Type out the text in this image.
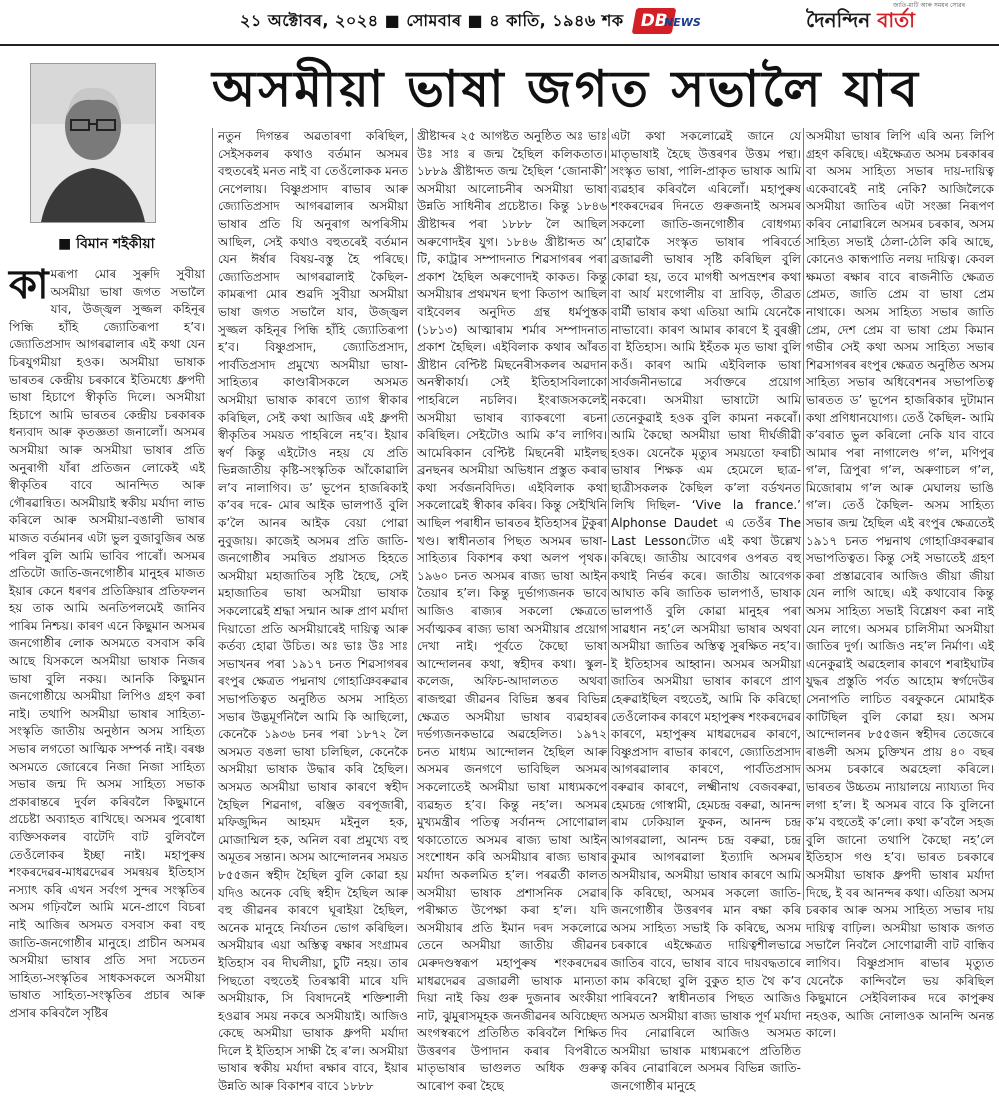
২১ অক্টোবৰ, ২০২৪ ■ সোমবাৰ ■ ৪ কাতি, ১৯৪৬ শক DB
NEWS
জাতি-মাটি আৰু সময়ৰ সোৱৰ
দৈনন্দিন বাৰ্তা
■ বিমান শইকীয়া
অসমীয়া ভাষা জগত সভালৈ যাব
কা মৰূপা মোৰ সুৰুদি সুবীয়া অসমীয়া ভাষা জগত সভালৈ যাব, উজ্জ্বল সুজ্জল কহিনূৰ পিন্ধি হাঁহি জ্যোতিৰূপা হ’ব। জ্যোতিপ্ৰসাদ আগৰৱালাৰ এই কথা যেন চিৰযুগমীয়া হওক। অসমীয়া ভাষাক ভাৰতৰ কেন্দ্ৰীয় চৰকাৰে ইতিমধ্যে ধ্ৰুপদী ভাষা হিচাপে স্বীকৃতি দিলে। অসমীয়া হিচাপে আমি ভাৰতৰ কেন্দ্ৰীয় চৰকাৰক ধন্যবাদ আৰু কৃতজ্ঞতা জনালোঁ। অসমৰ অসমীয়া আৰু অসমীয়া ভাষাৰ প্ৰতি অনুৰাগী যাঁৰা প্ৰতিজন লোকেই এই স্বীকৃতিৰ বাবে আনন্দিত আৰু গৌৰৱান্বিত। অসমীয়াই স্বকীয় মৰ্যাদা লাভ কৰিলে আৰু অসমীয়া-বঙালী ভাষাৰ মাজত বৰ্তমানৰ এটা ভুল বুজাবুজিৰ অন্ত পৰিল বুলি আমি ভাবিব পাৰোঁ। অসমৰ প্ৰতিটো জাতি-জনগোষ্ঠীৰ মানুহৰ মাজত ইয়াৰ কেনে ধৰণৰ প্ৰতিক্ৰিয়াৰ প্ৰতিফলন হয় তাক আমি অনতিপলমেই জানিব পাৰিম নিশ্চয়। কাৰণ এনে কিছুমান অসমৰ জনগোষ্ঠীৰ লোক অসমতে বসবাস কৰি আছে যিসকলে অসমীয়া ভাষাক নিজৰ ভাষা বুলি নকয়। আনকি কিছুমান জনগোষ্ঠীয়ে অসমীয়া লিপিও গ্ৰহণ কৰা নাই। তথাপি অসমীয়া ভাষাৰ সাহিত্য-সংস্কৃতি জাতীয় অনুষ্ঠান অসম সাহিত্য সভাৰ লগতো আত্মিক সম্পৰ্ক নাই। বৰঞ্চ অসমতে জোৰেৰে নিজা নিজা সাহিত্য সভাৰ জন্ম দি অসম সাহিত্য সভাক প্ৰকাৰান্তৰে দুৰ্বল কৰিবলৈ কিছুমানে প্ৰচেষ্টা অব্যাহত ৰাখিছে। অসমৰ পুৰোধা ব্যক্তিসকলৰ বাটেদি বাট বুলিবলৈ তেওঁলোকৰ ইচ্ছা নাই। মহাপুৰুষ শংকৰদেৱৰ-মাধৱদেৱৰ সমন্বয়ৰ ইতিহাস নস্যাৎ কৰি এখন সৰ্বংগ সুন্দৰ সংস্কৃতিৰ অসম গঢ়িবলৈ আমি মনে-প্ৰাণে বিচৰা নাই আজিৰ অসমত বসবাস কৰা বহু জাতি-জনগোষ্ঠীৰ মানুহে। প্ৰাচীন অসমৰ অসমীয়া ভাষাৰ প্ৰতি সদা সচেতন সাহিত্য-সংস্কৃতিৰ সাধকসকলে অসমীয়া ভাষাত সাহিত্য-সংস্কৃতিৰ প্ৰচাৰ আৰু প্ৰসাৰ কৰিবলৈ সৃষ্টিৰ

নতুন দিগন্তৰ অৱতাৰণা কৰিছিল, সেইসকলৰ কথাও বৰ্তমান অসমৰ বহুতৰেই মনত নাই বা তেওঁলোকক মনত নেপেলায়। বিষ্ণুপ্ৰসাদ ৰাভাৰ আৰু জ্যোতিপ্ৰসাদ আগৰৱালাৰ অসমীয়া ভাষাৰ প্ৰতি যি অনুৰাগ অপৰিসীম আছিল, সেই কথাও বহুতৰেই বৰ্তমান যেন ঈৰ্ষাৰ বিষয়-বস্তু হৈ পৰিছে। জ্যোতিপ্ৰসাদ আগৰৱালাই কৈছিল- কামৰূপা মোৰ শুৱদি সুবীয়া অসমীয়া ভাষা জগত সভালৈ যাব, উজ্জ্বল সুজ্জল কহিনূৰ পিন্ধি হাঁহি জ্যোতিৰূপা হ’ব। বিষ্ণুপ্ৰসাদ, জ্যোতিপ্ৰসাদ, পাৰ্বতিপ্ৰসাদ প্ৰমুখ্যে অসমীয়া ভাষা-সাহিত্যৰ কাণ্ডাৰীসকলে অসমত অসমীয়া ভাষাক কাৰণে ত্যাগ স্বীকাৰ কৰিছিল, সেই কথা আজিৰ এই ধ্ৰুপদী স্বীকৃতিৰ সময়ত পাহৰিলে নহ’ব। ইয়াৰ স্বৰ্ণ কিন্তু এইটোও নহয় যে প্ৰতি ভিন্নজাতীয় কৃষ্টি-সংস্কৃতিক আঁকোৱালি ল’ব নালাগিব। ড’ ভূপেন হাজৰিকাই ক’বৰ দৰে- মোৰ আইক ভালপাওঁ বুলি ক’লৈ আনৰ আইক বেয়া পোৱা নুবুজায়। কাজেই অসমৰ প্ৰতি জাতি-জনগোষ্ঠীৰ সমন্বিত প্ৰয়াসত হিহতে অসমীয়া মহাজাতিৰ সৃষ্টি হৈছে, সেই মহাজাতিৰ ভাষা অসমীয়া ভাষাক সকলোৱেই শ্ৰদ্ধা সন্মান আৰু প্ৰাণ মৰ্যাদা দিয়াতো প্ৰতি অসমীয়াৰেই দায়িত্ব আৰু কৰ্তব্য হোৱা উচিত। অঃ ভাঃ উঃ সাঃ সভাখনৰ পৰা ১৯১৭ চনত শিৱসাগৰৰ ৰংপুৰ ক্ষেত্ৰত পদ্মনাথ গোহাঞিবৰুৱাৰ সভাপতিত্বত অনুষ্ঠিত অসম সাহিত্য সভাৰ উদ্ভমূৰ্ণনিলৈ আমি কি আছিলো, কেনেকৈ ১৯৩৬ চনৰ পৰা ১৮৭২ লৈ অসমত বঙলা ভাষা চলিছিল, কেনেকৈ অসমীয়া ভাষাক উদ্ধাৰ কৰি হৈছিল। অসমত অসমীয়া ভাষাৰ কাৰণে স্বহীদ হৈছিল শিৱনাগ, ৰঞ্জিত বৰপূজাৰী, মফিজুদ্দিন আহমদ মইনুল হক, মোজাম্মিল হক, অনিল বৰা প্ৰমুখ্যে বহু অমূতৰ সন্তান। অসম আন্দোলনৰ সময়ত ৮৫৫জন স্বহীদ হৈছিল বুলি কোৱা হয় যদিও অনেক বেছি স্বহীদ হৈছিল আৰু বহু জীৱনৰ কাৰণে ঘূৰাইয়া হৈছিল, অনেক মানুহে নিৰ্যাতন ভোগ কৰিছিল। অসমীয়াৰ এয়া অস্তিত্ব ৰক্ষাৰ সংগ্ৰামৰ ইতিহাস বৰ দীঘলীয়া, চুটি নহয়। তাৰ পিছতো বহুতেই তিৰস্কাৰী মাৰে যদি অসমীয়াক, সি বিষাদনেই শক্তিশালী হওৱাৰ সময় নকৰে অসমীয়াই। আজিও কেছে অসমীয়া ভাষাক ধ্ৰুপদী মৰ্যাদা দিলে ই ইতিহাস সাক্ষী হৈ ৰ’ল। অসমীয়া ভাষাৰ স্বকীয় মৰ্যাদা ৰক্ষাৰ বাবে, ইয়াৰ উন্নতি আৰু বিকাশৰ বাবে ১৮৮৮

খ্ৰীষ্টাব্দৰ ২৫ আগষ্টত অনুষ্ঠিত অঃ ভাঃ উঃ সাঃ ৰ জন্ম হৈছিল কলিকতাত। ১৮৮৯ খ্ৰীষ্টাব্দত জন্ম হৈছিল ‘জোনাকী’ অসমীয়া আলোচনীৰ অসমীয়া ভাষা উন্নতি সাধিনীৰ প্ৰচেষ্টাত। কিন্তু ১৮৪৬ খ্ৰীষ্টাব্দৰ পৰা ১৮৮৮ লৈ আছিল অৰুণোদইৰ যুগ। ১৮৪৬ খ্ৰীষ্টাব্দত অ’ টি, কাট্ৰাৰ সম্পাদনাত শিৱসাগৰৰ পৰা প্ৰকাশ হৈছিল অৰুণোদই কাকত। কিন্তু অসমীয়াৰ প্ৰথমখন ছপা কিতাপ আছিল বাইবেলৰ অনুদিত গ্ৰন্থ ধৰ্মপুস্তক (১৮১৩) আত্মাৰাম শৰ্মাৰ সম্পাদনাত প্ৰকাশ হৈছিল। এইবিলাক কথাৰ আঁৰত খ্ৰীষ্টান বেপ্টিষ্ট মিছনেৰীসকলৰ অৱদান অনস্বীকাৰ্য। সেই ইতিহাসবিলাকো পাহৰিলে নচলিব। ইংৰাজসকলেই অসমীয়া ভাষাৰ ব্যাকৰণো ৰচনা কৰিছিল। সেইটোও আমি ক’ব লাগিব। আমেৰিকান বেপ্টিষ্ট মিছনেৰী মাইলছ ব্ৰনছনৰ অসমীয়া অভিধান প্ৰস্তুত কৰাৰ কথা সৰ্বজনবিদিত। এইবিলাক কথা সকলোৱেই স্বীকাৰ কৰিব। কিন্তু সেইখিনি আছিল পৰাধীন ভাৰতৰ ইতিহাসৰ টুকুৰা খণ্ড। স্বাধীনতাৰ পিছত অসমৰ ভাষা-সাহিত্যৰ বিকাশৰ কথা অলপ পৃথক। ১৯৬০ চনত অসমৰ ৰাজ্য ভাষা আইন তৈয়াৰ হ’ল। কিন্তু দুৰ্ভাগ্যজনক ভাবে আজিও ৰাজ্যৰ সকলো ক্ষেত্ৰতে সৰ্বাত্মকৰ ৰাজ্য ভাষা অসমীয়াৰ প্ৰয়োগ দেখা নাই। পূৰ্বতে কৈছো ভাষা আন্দোলনৰ কথা, স্বহীদৰ কথা। স্কুল-কলেজ, অফিচ-আদালতত অথবা ৰাজহুৱা জীৱনৰ বিভিন্ন স্তৰৰ বিভিন্ন ক্ষেত্ৰত অসমীয়া ভাষাৰ ব্যৱহাৰৰ দৰ্ভগ্যজনকভাৱে অৱহেলিত। ১৯৭২ চনত মাধ্যম আন্দোলন হৈছিল আৰু অসমৰ জনগণে ভাবিছিল অসমৰ সকলোতেই অসমীয়া ভাষা মাধ্যমকপে ব্যৱহৃত হ’ব। কিন্তু নহ’ল। অসমৰ মুখ্যমন্ত্ৰীৰ পতিত্ব সৰ্বানন্দ সোণোৱাল থকাতোতে অসমৰ ৰাজ্য ভাষা আইন সংশোধন কৰি অসমীয়াৰ ৰাজ্য ভাষাৰ মৰ্যাদা অকলমিত হ’ল। পৰৱৰ্তী কালত অসমীয়া ভাষাক প্ৰশাসনিক সেৱাৰ পৰীক্ষাত উপেক্ষা কৰা হ’ল। যদি অসমীয়াৰ প্ৰতি ইমান দৰদ সকলোৱে তেনে অসমীয়া জাতীয় জীৱনৰ মেৰুদণ্ডস্বৰূপ মহাপুৰুষ শংকৰদেৱৰ মাধৱদেৱৰ ব্ৰজাৱলী ভাষাক মান্যতা দিয়া নাই কিয় গুৰু দুজনাৰ অংকীয়া নাট, ঝুমুৰাসমূহক জনজীৱনৰ অবিচ্ছেদ্য অংগস্বৰূপে প্ৰতিষ্ঠিত কৰিবলৈ শিক্ষিত উত্তৰণৰ উপাদান কৰাৰ বিপৰীতে মাতৃভাষাৰ ভাগুলত অধিক গুৰুত্ব আৰোপ কৰা হৈছে

এটা কথা সকলোৱেই জানে যে মাতৃভাষাই হৈছে উত্তৰণৰ উত্তম পন্থা। সংস্কৃত ভাষা, পালি-প্ৰাকৃত ভাষাক আমি ব্যৱহাৰ কৰিবলৈ এৰিলোঁ। মহাপুৰুষ শংকৰদেৱৰ দিনতে গুৰুজনাই অসমৰ সকলো জাতি-জনগোষ্ঠীৰ বোধগম্য হোৱাকৈ সংস্কৃত ভাষাৰ পৰিবৰ্তে ব্ৰজাৱলী ভাষাৰ সৃষ্টি কৰিছিল বুলি কোৱা হয়, তবে মাগধী অপভ্ৰংশৰ কথা বা আৰ্য মংগোলীয় বা দ্ৰাবিড়, তীব্ৰত বাৰ্মী ভাষাৰ কথা এতিয়া আমি যেনেকৈ নাভাবো। কাৰণ আমাৰ কাৰণে ই বুৰঞ্জী বা ইতিহাস। আমি ইহঁতক মৃত ভাষা বুলি কওঁ। কাৰণ আমি এইবিলাক ভাষা সাৰ্বজনীনভাৱে সৰ্বাক্তৰে প্ৰয়োগ নকৰো। অসমীয়া ভাষাটো আমি তেনেকুৱাই হওক বুলি কামনা নকৰোঁ। আমি কৈছো অসমীয়া ভাষা দীৰ্ঘজীৱী হওক। যেনেকৈ মৃত্যুৰ সময়তো ফৰাচী ভাষাৰ শিক্ষক এম হেমেলে ছাত্ৰ-ছাত্ৰীসকলক কৈছিল ক’লা বৰ্ডখনত লিখি দিছিল- ‘Vive la france.’ Alphonse Daudet এ তেওঁৰ The Last Lessonটোত এই কথা উল্লেখ কৰিছে। জাতীয় আবেগৰ ওপৰত বহু কথাই নিৰ্ভৰ কৰে। জাতীয় আবেগক আঘাত কৰি জাতিক ভালপাওঁ, ভাষাক ভালপাওঁ বুলি কোৱা মানুহৰ পৰা সাৱধান নহ’লে অসমীয়া ভাষাৰ অথবা অসমীয়া জাতিৰ অস্তিত্ব সুৰক্ষিত নহ’ব। ই ইতিহাসৰ আহ্বান। অসমৰ অসমীয়া জাতিৰ অসমীয়া ভাষাৰ কাৰণে প্ৰাণ হেৰুৱাইছিল বহুতেই, আমি কি কৰিছো তেওঁলোকৰ কাৰণে মহাপুৰুষ শংকৰদেৱৰ কাৰণে, মহাপুৰুষ মাধৱদেৱৰ কাৰণে, বিষ্ণুপ্ৰসাদ ৰাভাৰ কাৰণে, জ্যোতিপ্ৰসাদ আগৰৱালাৰ কাৰণে, পাৰ্বতিপ্ৰসাদ বৰুৱাৰ কাৰণে, লক্ষ্মীনাথ বেজবৰুৱা, হেমচন্দ্ৰ গোস্বামী, হেমচন্দ্ৰ বৰুৱা, আনন্দ ৰাম ঢেকিয়াল ফুকন, আনন্দ চন্দ্ৰ আগৰৱালা, আনন্দ চন্দ্ৰ বৰুৱা, চন্দ্ৰ কুমাৰ আগৰৱালা ইত্যাদি অসমৰ অসমীয়াৰ, অসমীয়া ভাষাৰ কাৰণে আমি কি কৰিছো, অসমৰ সকলো জাতি-জনগোষ্ঠীৰ উত্তৰণৰ মান ৰক্ষা কৰি অসম সাহিত্য সভাই কি কৰিছে, অসম চৰকাৰে এইক্ষেত্ৰত দায়িত্বশীলভাৱে জাতিৰ বাবে, ভাষাৰ বাবে দায়বদ্ধতাৰে কাম কৰিছো বুলি বুকুত হাত থৈ ক’ব পাৰিবনে? স্বাধীনতাৰ পিছত আজিও অসমত অসমীয়া ৰাজ্য ভাষাক পূৰ্ণ মৰ্যাদা দিব নোৱাৰিলে আজিও অসমত অসমীয়া ভাষাক মাধ্যমৰূপে প্ৰতিষ্ঠিত কৰিব নোৱাৰিলে অসমৰ বিভিন্ন জাতি-জনগোষ্ঠীৰ মানুহে

অসমীয়া ভাষাৰ লিপি এৰি অন্য লিপি গ্ৰহণ কৰিছে। এইক্ষেত্ৰত অসম চৰকাৰৰ বা অসম সাহিত্য সভাৰ দায়-দায়িত্ব একেবাৰেই নাই নেকি? আজিলৈকে অসমীয়া জাতিৰ এটা সংজ্ঞা নিৰূপণ কৰিব নোৱাৰিলে অসমৰ চৰকাৰ, অসম সাহিত্য সভাই ঠেলা-ঠেলি কৰি আছে, কোনেও কান্ধপাতি নলয় দায়িত্ব। কেবল ক্ষমতা ৰক্ষাৰ বাবে ৰাজনীতি ক্ষেত্ৰত প্ৰেমত, জাতি প্ৰেম বা ভাষা প্ৰেম নাথাকে। অসম সাহিত্য সভাৰ জাতি প্ৰেম, দেশ প্ৰেম বা ভাষা প্ৰেম কিমান গভীৰ সেই কথা অসম সাহিত্য সভাৰ শিৱসাগৰৰ ৰংপুৰ ক্ষেত্ৰত অনুষ্ঠিত অসম সাহিত্য সভাৰ অধিবেশনৰ সভাপতিত্ব ভাৰতত ড’ ভূপেন হাজৰিকাৰ দুটামান কথা প্ৰণিধানযোগ্য। তেওঁ কৈছিল- আমি ক’বৰাত ভুল কৰিলো নেকি যাব বাবে আমাৰ পৰা নাগালেণ্ড গ’ল, মণিপুৰ গ’ল, ত্ৰিপুৰা গ’ল, অৰুণাচল গ’ল, মিজোৰাম গ’ল আৰু মেঘালয় ভাঙি গ’ল। তেওঁ কৈছিল- অসম সাহিত্য সভাৰ জন্ম হৈছিল এই ৰংপুৰ ক্ষেত্ৰতেই ১৯১৭ চনত পদ্মনাথ গোহাঞিবৰুৱাৰ সভাপতিত্বত। কিন্তু সেই সভাতেই গ্ৰহণ কৰা প্ৰস্তাৱবোৰ আজিও জীয়া জীয়া যেন লাগি আছে। এই কথাবোৰ কিন্তু অসম সাহিত্য সভাই বিশ্লেষণ কৰা নাই যেন লাগে। অসমৰ চালিসীমা অসমীয়া জাতিৰ দুৰ্গ। আজিও নহ’ল নিৰ্মাণ। এই এনেকুৱাই অৱহেলাৰ কাৰণে শৰাইঘাটৰ যুদ্ধৰ প্ৰস্তুতি পৰ্বত আহোম স্বৰ্গদেউৰ সেনাপতি লাচিত বৰফুকনে মোমাইক কাটিছিল বুলি কোৱা হয়। অসম আন্দোলনৰ ৮৫৫জন স্বহীদৰ তেজেৰে ৰাঙলী অসম চুক্তিখন প্ৰায় ৪০ বছৰ অসম চৰকাৰে অৱহেলা কৰিলে। ভাৰতৰ উচ্চতম ন্যায়ালয়ে ন্যায্যতা দিব লগা হ’ল। ই অসমৰ বাবে কি বুলিনো ক’ম বহুতেই ক’লো। কথা ক’বলৈ সহজ বুলি জানো তথাপি কৈছো নহ’লে ইতিহাস গণ্ড হ’ব। ভাৰত চৰকাৰে অসমীয়া ভাষাক ধ্ৰুপদী ভাষাৰ মৰ্যাদা দিছে, ই বৰ আনন্দৰ কথা। এতিয়া অসম চৰকাৰ আৰু অসম সাহিত্য সভাৰ দায় দায়িত্ব বাঢ়িল। অসমীয়া ভাষাক জগত সভালৈ নিবলৈ সোণোৱালী বাট বান্ধিব লাগিব। বিষ্ণুপ্ৰসাদ ৰাভাৰ মৃত্যুত যেনেকৈ কান্দিবলৈ ভয় কৰিছিল কিছুমানে সেইবিলাকৰ দৰে কাপুৰুষ নহওক, আজি নোলাওক আনন্দি অনন্ত কালে।
